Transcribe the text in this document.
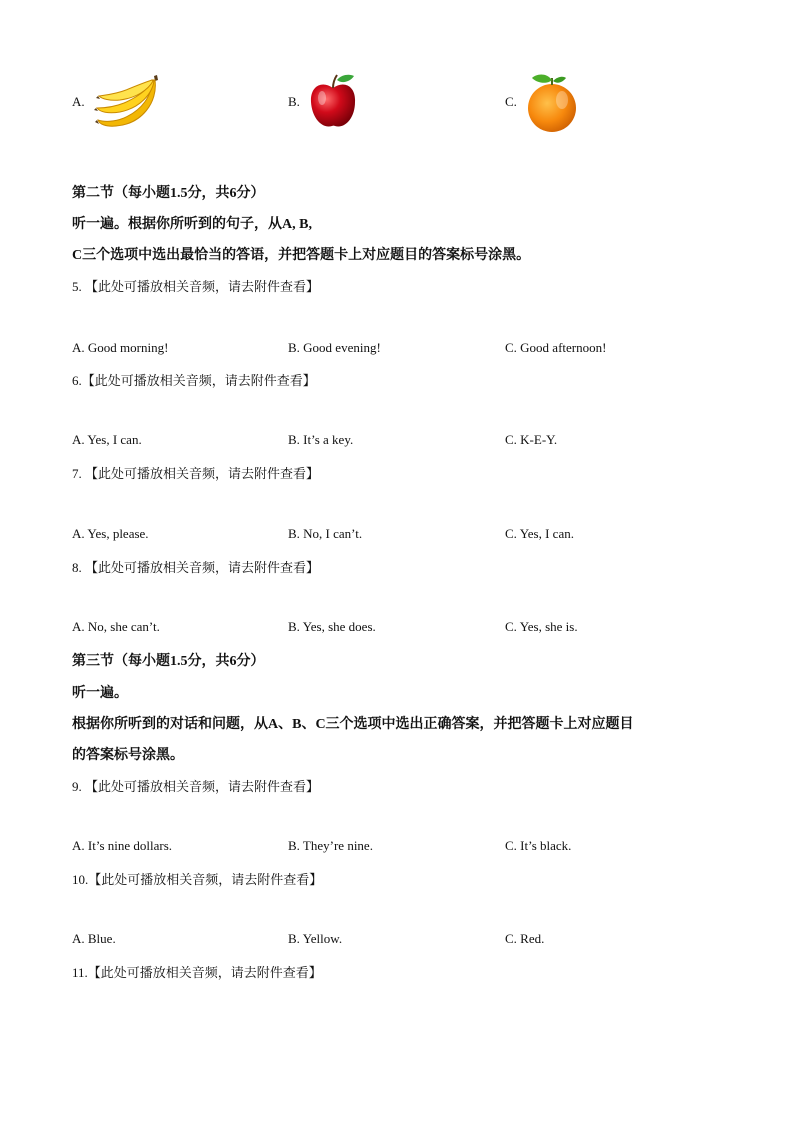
A.	B.	C.
第二节（每小题1.5分，共6分）
听一遍。根据你所听到的句子，从A, B,
C三个选项中选出最恰当的答语，并把答题卡上对应题目的答案标号涂黑。
5. 【此处可播放相关音频，请去附件查看】
A. Good morning!	B. Good evening!	C. Good afternoon!
6.【此处可播放相关音频，请去附件查看】
A. Yes, I can.	B. It’s a key.	C. K-E-Y.
7. 【此处可播放相关音频，请去附件查看】
A. Yes, please.	B. No, I can’t.	C. Yes, I can.
8. 【此处可播放相关音频，请去附件查看】
A. No, she can’t.	B. Yes, she does.	C. Yes, she is.
第三节（每小题1.5分，共6分）
听一遍。
根据你所听到的对话和问题，从A、B、C三个选项中选出正确答案，并把答题卡上对应题目
的答案标号涂黑。
9. 【此处可播放相关音频，请去附件查看】
A. It’s nine dollars.	B. They’re nine.	C. It’s black.
10.【此处可播放相关音频，请去附件查看】
A. Blue.	B. Yellow.	C. Red.
11.【此处可播放相关音频，请去附件查看】
